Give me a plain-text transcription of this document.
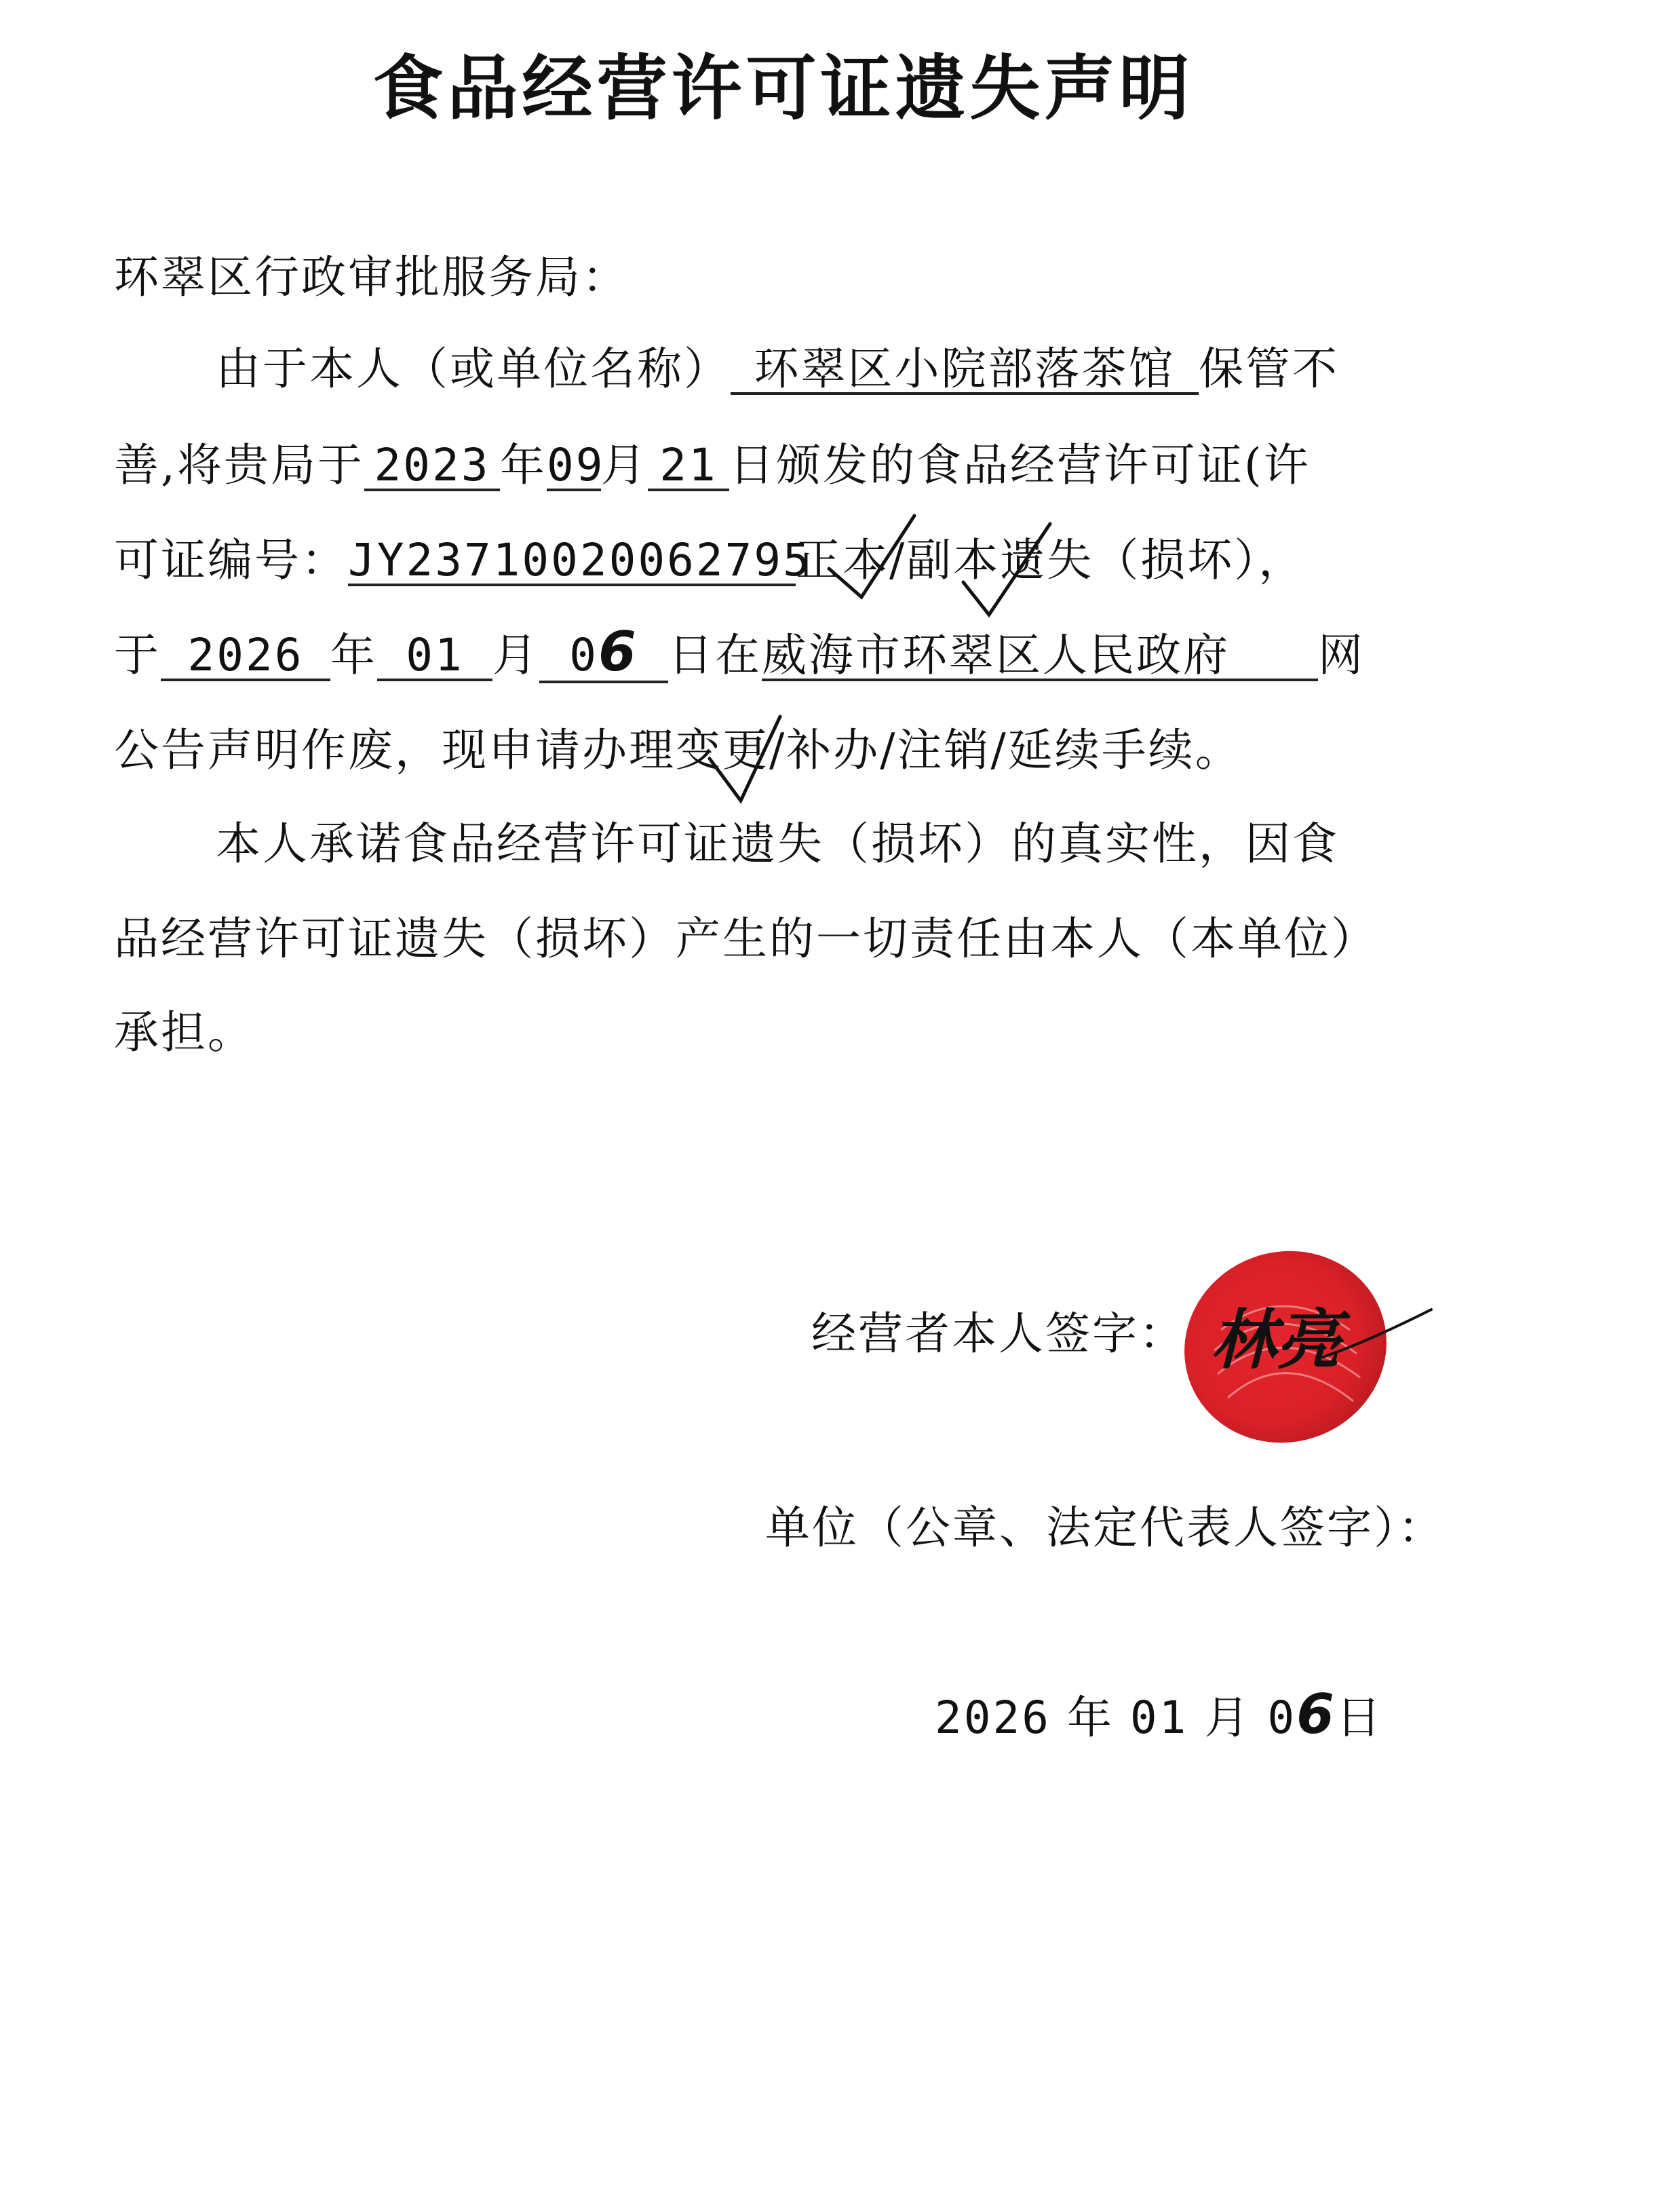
食品经营许可证遗失声明
环翠区行政审批服务局：
由于本人（或单位名称） 环翠区小院部落茶馆 保管不
善,将贵局于 2023 年09月 21 日颁发的食品经营许可证(许
可证编号：JY23710020062795正本/副本遗失（损坏），
于 2026 年 01 月 06 日在威海市环翠区人民政府 网
公告声明作废，现申请办理变更/补办/注销/延续手续。
本人承诺食品经营许可证遗失（损坏）的真实性，因食
品经营许可证遗失（损坏）产生的一切责任由本人（本单位）
承担。
经营者本人签字： 林亮
单位（公章、法定代表人签字）：
2026 年 01 月 06日
